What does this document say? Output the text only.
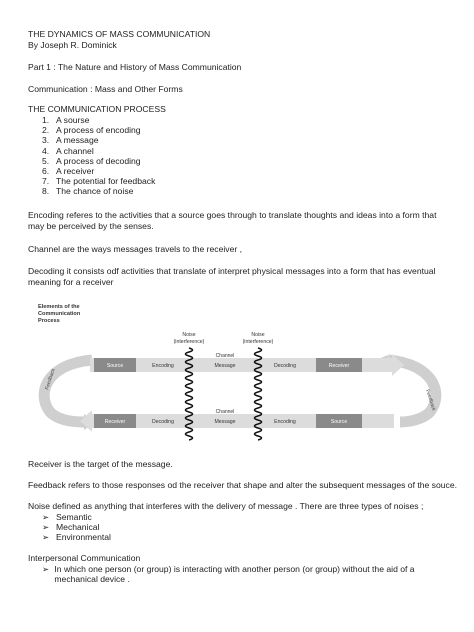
THE DYNAMICS OF MASS COMMUNICATION
By Joseph R. Dominick
Part 1 : The Nature and History of Mass Communication
Communication : Mass and Other Forms
THE COMMUNICATION PROCESS
1. A sourse
2. A process of encoding
3. A message
4. A channel
5. A process of decoding
6. A receiver
7. The potential for feedback
8. The chance of noise
Encoding referes to the activities that a source goes through to translate thoughts and ideas into a form that may be perceived by the senses.
Channel are the ways messages travels to the receiver ,
Decoding it consists odf activities that translate of interpret physical messages into a form that has eventual meaning for a receiver
Elements of the
Communication
Process
Feedback
Feedback
Source	Encoding	Decoding	Receiver
Channel
Message
Receiver	Decoding	Encoding	Source
Channel
Message
Noise
(interference)
Noise
(interference)
Receiver is the target of the message.
Feedback refers to those responses od the receiver that shape and alter the subsequent messages of the souce.
Noise defined as anything that interferes with the delivery of message . There are three types of noises ;
➢ Semantic
➢ Mechanical
➢ Environmental
Interpersonal Communication
➢ In which one person (or group) is interacting with another person (or group) without the aid of a mechanical device .
